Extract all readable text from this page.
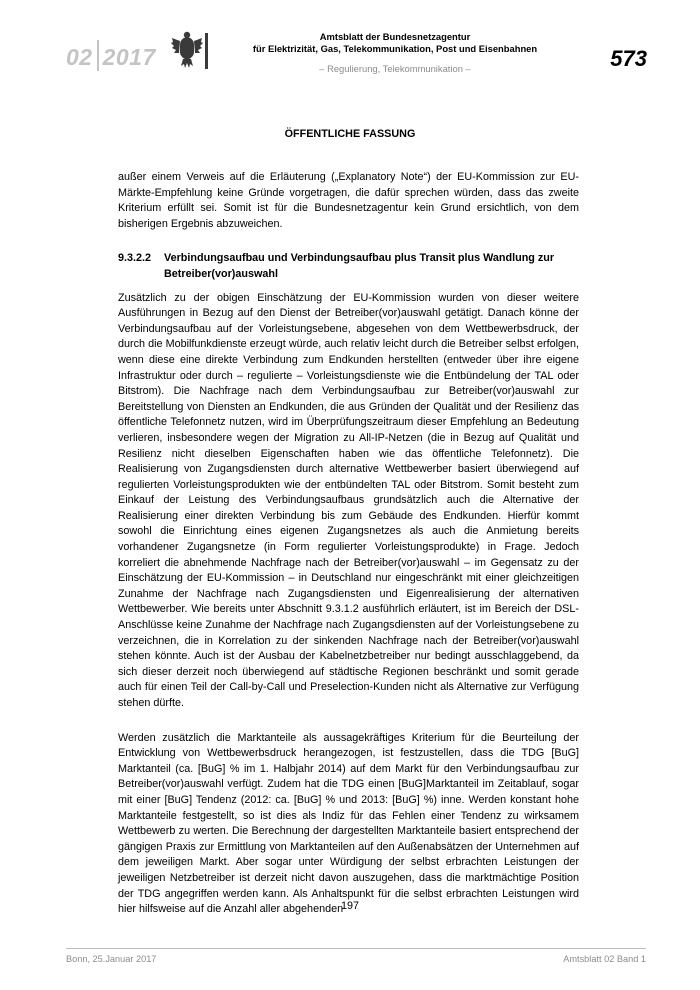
02 2017
Amtsblatt der Bundesnetzagentur
für Elektrizität, Gas, Telekommunikation, Post und Eisenbahnen
– Regulierung, Telekommunikation –	573
ÖFFENTLICHE FASSUNG

außer einem Verweis auf die Erläuterung („Explanatory Note“) der EU-Kommission zur EU-Märkte-Empfehlung keine Gründe vorgetragen, die dafür sprechen würden, dass das zweite Kriterium erfüllt sei. Somit ist für die Bundesnetzagentur kein Grund ersichtlich, von dem bisherigen Ergebnis abzuweichen.

9.3.2.2	Verbindungsaufbau und Verbindungsaufbau plus Transit plus Wandlung zur Betreiber(vor)auswahl

Zusätzlich zu der obigen Einschätzung der EU-Kommission wurden von dieser weitere Ausführungen in Bezug auf den Dienst der Betreiber(vor)auswahl getätigt. Danach könne der Verbindungsaufbau auf der Vorleistungsebene, abgesehen von dem Wettbewerbsdruck, der durch die Mobilfunkdienste erzeugt würde, auch relativ leicht durch die Betreiber selbst erfolgen, wenn diese eine direkte Verbindung zum Endkunden herstellten (entweder über ihre eigene Infrastruktur oder durch – regulierte – Vorleistungsdienste wie die Entbündelung der TAL oder Bitstrom). Die Nachfrage nach dem Verbindungsaufbau zur Betreiber(vor)auswahl zur Bereitstellung von Diensten an Endkunden, die aus Gründen der Qualität und der Resilienz das öffentliche Telefonnetz nutzen, wird im Überprüfungszeitraum dieser Empfehlung an Bedeutung verlieren, insbesondere wegen der Migration zu All-IP-Netzen (die in Bezug auf Qualität und Resilienz nicht dieselben Eigenschaften haben wie das öffentliche Telefonnetz). Die Realisierung von Zugangsdiensten durch alternative Wettbewerber basiert überwiegend auf regulierten Vorleistungsprodukten wie der entbündelten TAL oder Bitstrom. Somit besteht zum Einkauf der Leistung des Verbindungsaufbaus grundsätzlich auch die Alternative der Realisierung einer direkten Verbindung bis zum Gebäude des Endkunden. Hierfür kommt sowohl die Einrichtung eines eigenen Zugangsnetzes als auch die Anmietung bereits vorhandener Zugangsnetze (in Form regulierter Vorleistungsprodukte) in Frage. Jedoch korreliert die abnehmende Nachfrage nach der Betreiber(vor)auswahl – im Gegensatz zu der Einschätzung der EU-Kommission – in Deutschland nur eingeschränkt mit einer gleichzeitigen Zunahme der Nachfrage nach Zugangsdiensten und Eigenrealisierung der alternativen Wettbewerber. Wie bereits unter Abschnitt 9.3.1.2 ausführlich erläutert, ist im Bereich der DSL-Anschlüsse keine Zunahme der Nachfrage nach Zugangsdiensten auf der Vorleistungsebene zu verzeichnen, die in Korrelation zu der sinkenden Nachfrage nach der Betreiber(vor)auswahl stehen könnte. Auch ist der Ausbau der Kabelnetzbetreiber nur bedingt ausschlaggebend, da sich dieser derzeit noch überwiegend auf städtische Regionen beschränkt und somit gerade auch für einen Teil der Call-by-Call und Preselection-Kunden nicht als Alternative zur Verfügung stehen dürfte.

Werden zusätzlich die Marktanteile als aussagekräftiges Kriterium für die Beurteilung der Entwicklung von Wettbewerbsdruck herangezogen, ist festzustellen, dass die TDG [BuG] Marktanteil (ca. [BuG] % im 1. Halbjahr 2014) auf dem Markt für den Verbindungsaufbau zur Betreiber(vor)auswahl verfügt. Zudem hat die TDG einen [BuG]Marktanteil im Zeitablauf, sogar mit einer [BuG] Tendenz (2012: ca. [BuG] % und 2013: [BuG] %) inne. Werden konstant hohe Marktanteile festgestellt, so ist dies als Indiz für das Fehlen einer Tendenz zu wirksamem Wettbewerb zu werten. Die Berechnung der dargestellten Marktanteile basiert entsprechend der gängigen Praxis zur Ermittlung von Marktanteilen auf den Außenabsätzen der Unternehmen auf dem jeweiligen Markt. Aber sogar unter Würdigung der selbst erbrachten Leistungen der jeweiligen Netzbetreiber ist derzeit nicht davon auszugehen, dass die marktmächtige Position der TDG angegriffen werden kann. Als Anhaltspunkt für die selbst erbrachten Leistungen wird hier hilfsweise auf die Anzahl aller abgehenden

197
Bonn, 25.Januar 2017	Amtsblatt 02 Band 1
